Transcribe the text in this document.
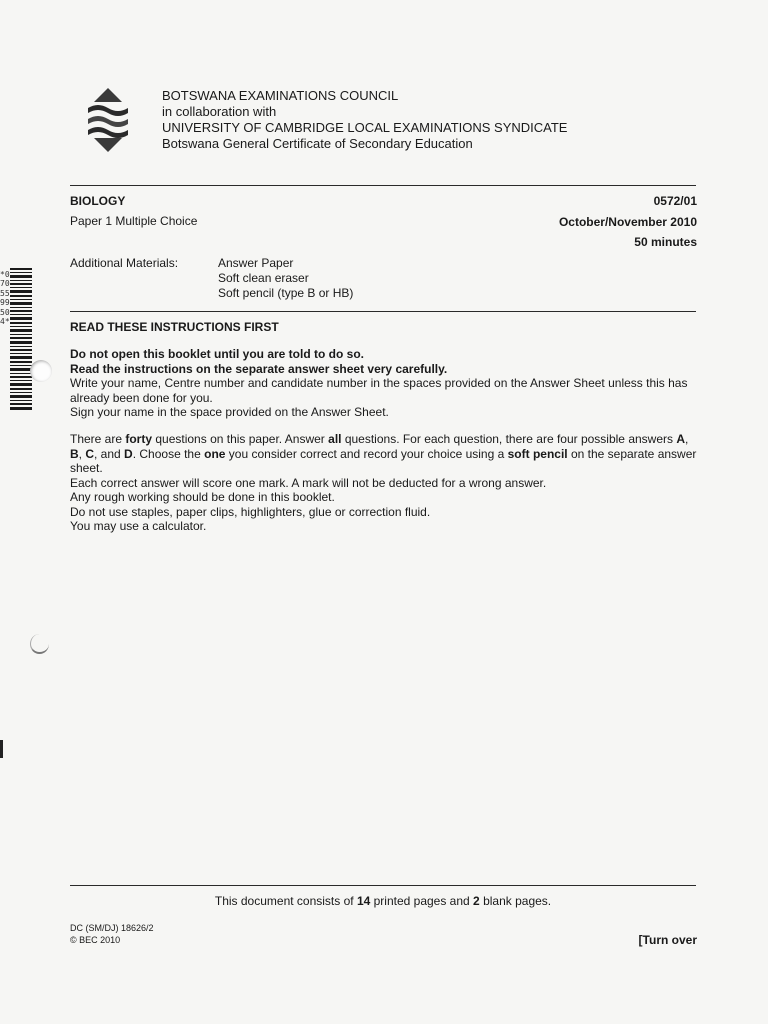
BOTSWANA EXAMINATIONS COUNCIL
in collaboration with
UNIVERSITY OF CAMBRIDGE LOCAL EXAMINATIONS SYNDICATE
Botswana General Certificate of Secondary Education
BIOLOGY	0572/01
Paper 1 Multiple Choice	October/November 2010
50 minutes
Additional Materials:	Answer Paper
Soft clean eraser
Soft pencil (type B or HB)
*0705599504*	READ THESE INSTRUCTIONS FIRST

Do not open this booklet until you are told to do so.

Read the instructions on the separate answer sheet very carefully.

Write your name, Centre number and candidate number in the spaces provided on the Answer Sheet unless this has already been done for you.

Sign your name in the space provided on the Answer Sheet.

There are forty questions on this paper. Answer all questions. For each question, there are four possible answers A, B, C, and D. Choose the one you consider correct and record your choice using a soft pencil on the separate answer sheet.

Each correct answer will score one mark. A mark will not be deducted for a wrong answer.

Any rough working should be done in this booklet.

Do not use staples, paper clips, highlighters, glue or correction fluid.

You may use a calculator.

This document consists of 14 printed pages and 2 blank pages.
DC (SM/DJ) 18626/2
© BEC 2010	[Turn over
